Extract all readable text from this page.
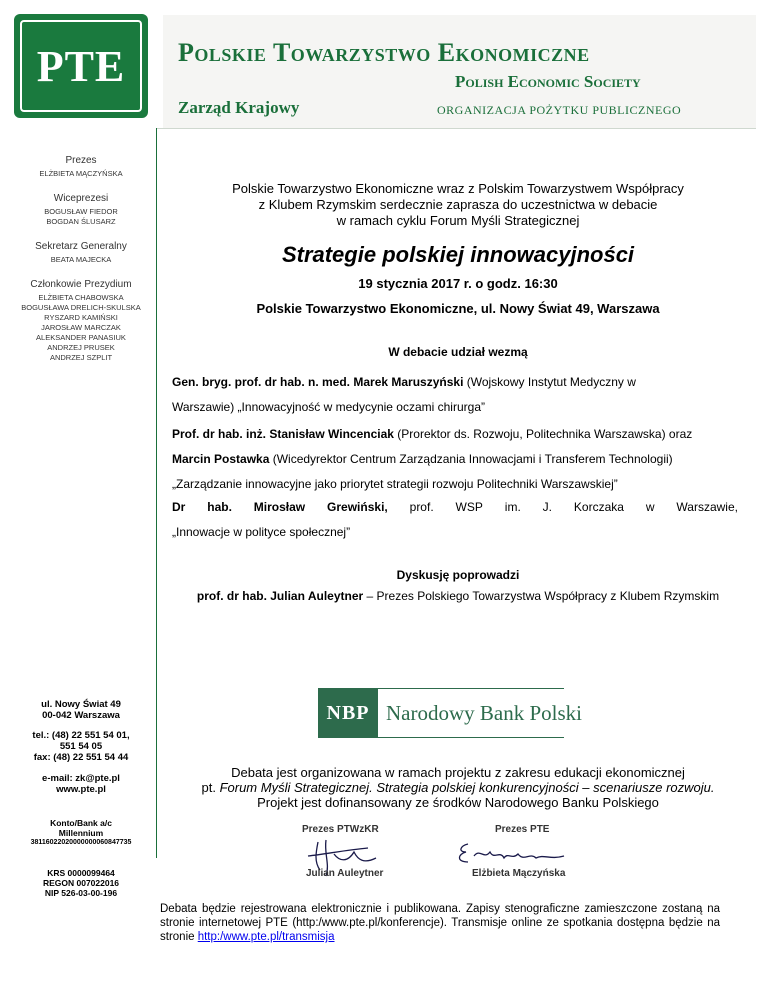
PTE Polskie Towarzystwo Ekonomiczne
Polish Economic Society
Zarząd Krajowy	ORGANIZACJA POŻYTKU PUBLICZNEGO
Prezes
ELŻBIETA MĄCZYŃSKA
Wiceprezesi
BOGUSŁAW FIEDOR
BOGDAN ŚLUSARZ
Sekretarz Generalny
BEATA MAJECKA
Członkowie Prezydium
ELŻBIETA CHABOWSKA
BOGUSŁAWA DRELICH-SKULSKA
RYSZARD KAMIŃSKI
JAROSŁAW MARCZAK
ALEKSANDER PANASIUK
ANDRZEJ PRUSEK
ANDRZEJ SZPLIT
ul. Nowy Świat 49
00-042 Warszawa
tel.: (48) 22 551 54 01,
551 54 05
fax: (48) 22 551 54 44
e-mail: zk@pte.pl
www.pte.pl
Konto/Bank a/c
Millennium
38116022020000000060847735
KRS 0000099464
REGON 007022016
NIP 526-03-00-196
Polskie Towarzystwo Ekonomiczne wraz z Polskim Towarzystwem Współpracy
z Klubem Rzymskim serdecznie zaprasza do uczestnictwa w debacie
w ramach cyklu Forum Myśli Strategicznej
Strategie polskiej innowacyjności
19 stycznia 2017 r. o godz. 16:30
Polskie Towarzystwo Ekonomiczne, ul. Nowy Świat 49, Warszawa
W debacie udział wezmą
Gen. bryg. prof. dr hab. n. med. Marek Maruszyński (Wojskowy Instytut Medyczny w
Warszawie) „Innowacyjność w medycynie oczami chirurga”
Prof. dr hab. inż. Stanisław Wincenciak (Prorektor ds. Rozwoju, Politechnika Warszawska) oraz
Marcin Postawka (Wicedyrektor Centrum Zarządzania Innowacjami i Transferem Technologii)
„Zarządzanie innowacyjne jako priorytet strategii rozwoju Politechniki Warszawskiej”
Dr hab. Mirosław Grewiński, prof. WSP im. J. Korczaka w Warszawie,
„Innowacje w polityce społecznej”
Dyskusję poprowadzi
prof. dr hab. Julian Auleytner – Prezes Polskiego Towarzystwa Współpracy z Klubem Rzymskim
NBP Narodowy Bank Polski
Debata jest organizowana w ramach projektu z zakresu edukacji ekonomicznej
pt. Forum Myśli Strategicznej. Strategia polskiej konkurencyjności – scenariusze rozwoju.
Projekt jest dofinansowany ze środków Narodowego Banku Polskiego
Prezes PTWzKR
Julian Auleytner
Prezes PTE
Elżbieta Mączyńska
Debata będzie rejestrowana elektronicznie i publikowana. Zapisy stenograficzne zamieszczone zostaną na stronie internetowej PTE (http:/www.pte.pl/konferencje). Transmisje online ze spotkania dostępna będzie na stronie http:/www.pte.pl/transmisja
